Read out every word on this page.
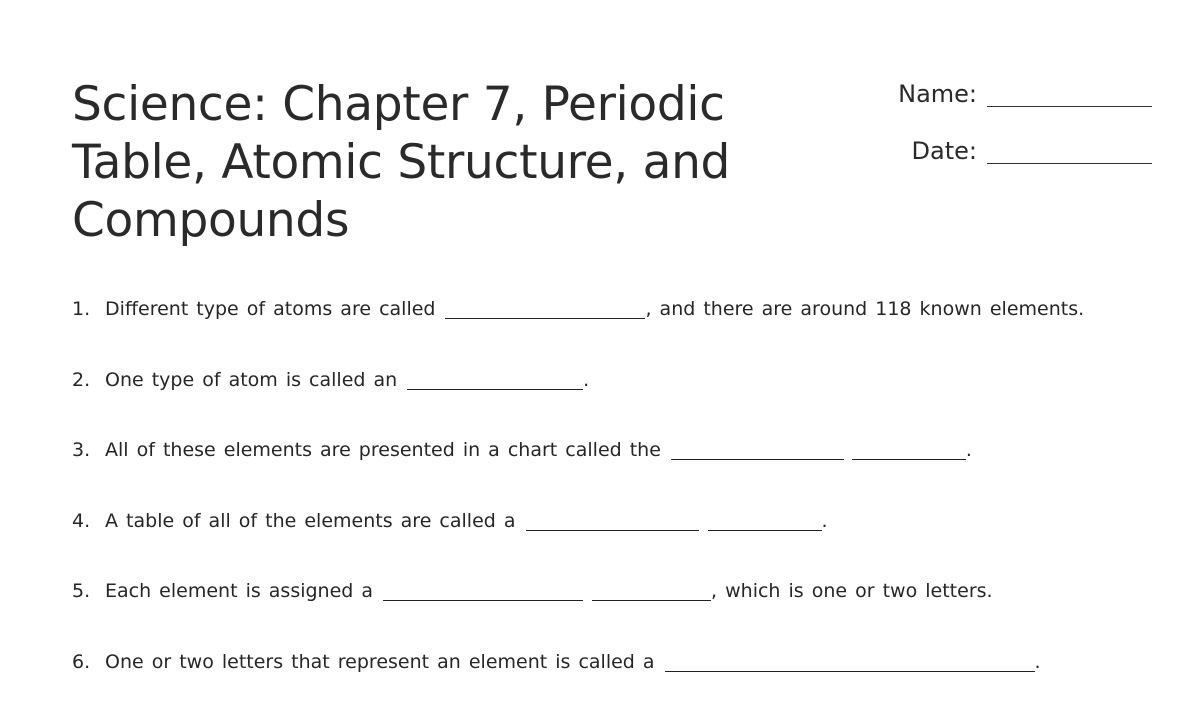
Science: Chapter 7, Periodic Table, Atomic Structure, and Compounds
Name:
Date:
1. Different type of atoms are called	, and there are around 118 known elements.
2. One type of atom is called an	.
3. All of these elements are presented in a chart called the	.
4. A table of all of the elements are called a	.
5. Each element is assigned a	, which is one or two letters.
6. One or two letters that represent an element is called a	.
